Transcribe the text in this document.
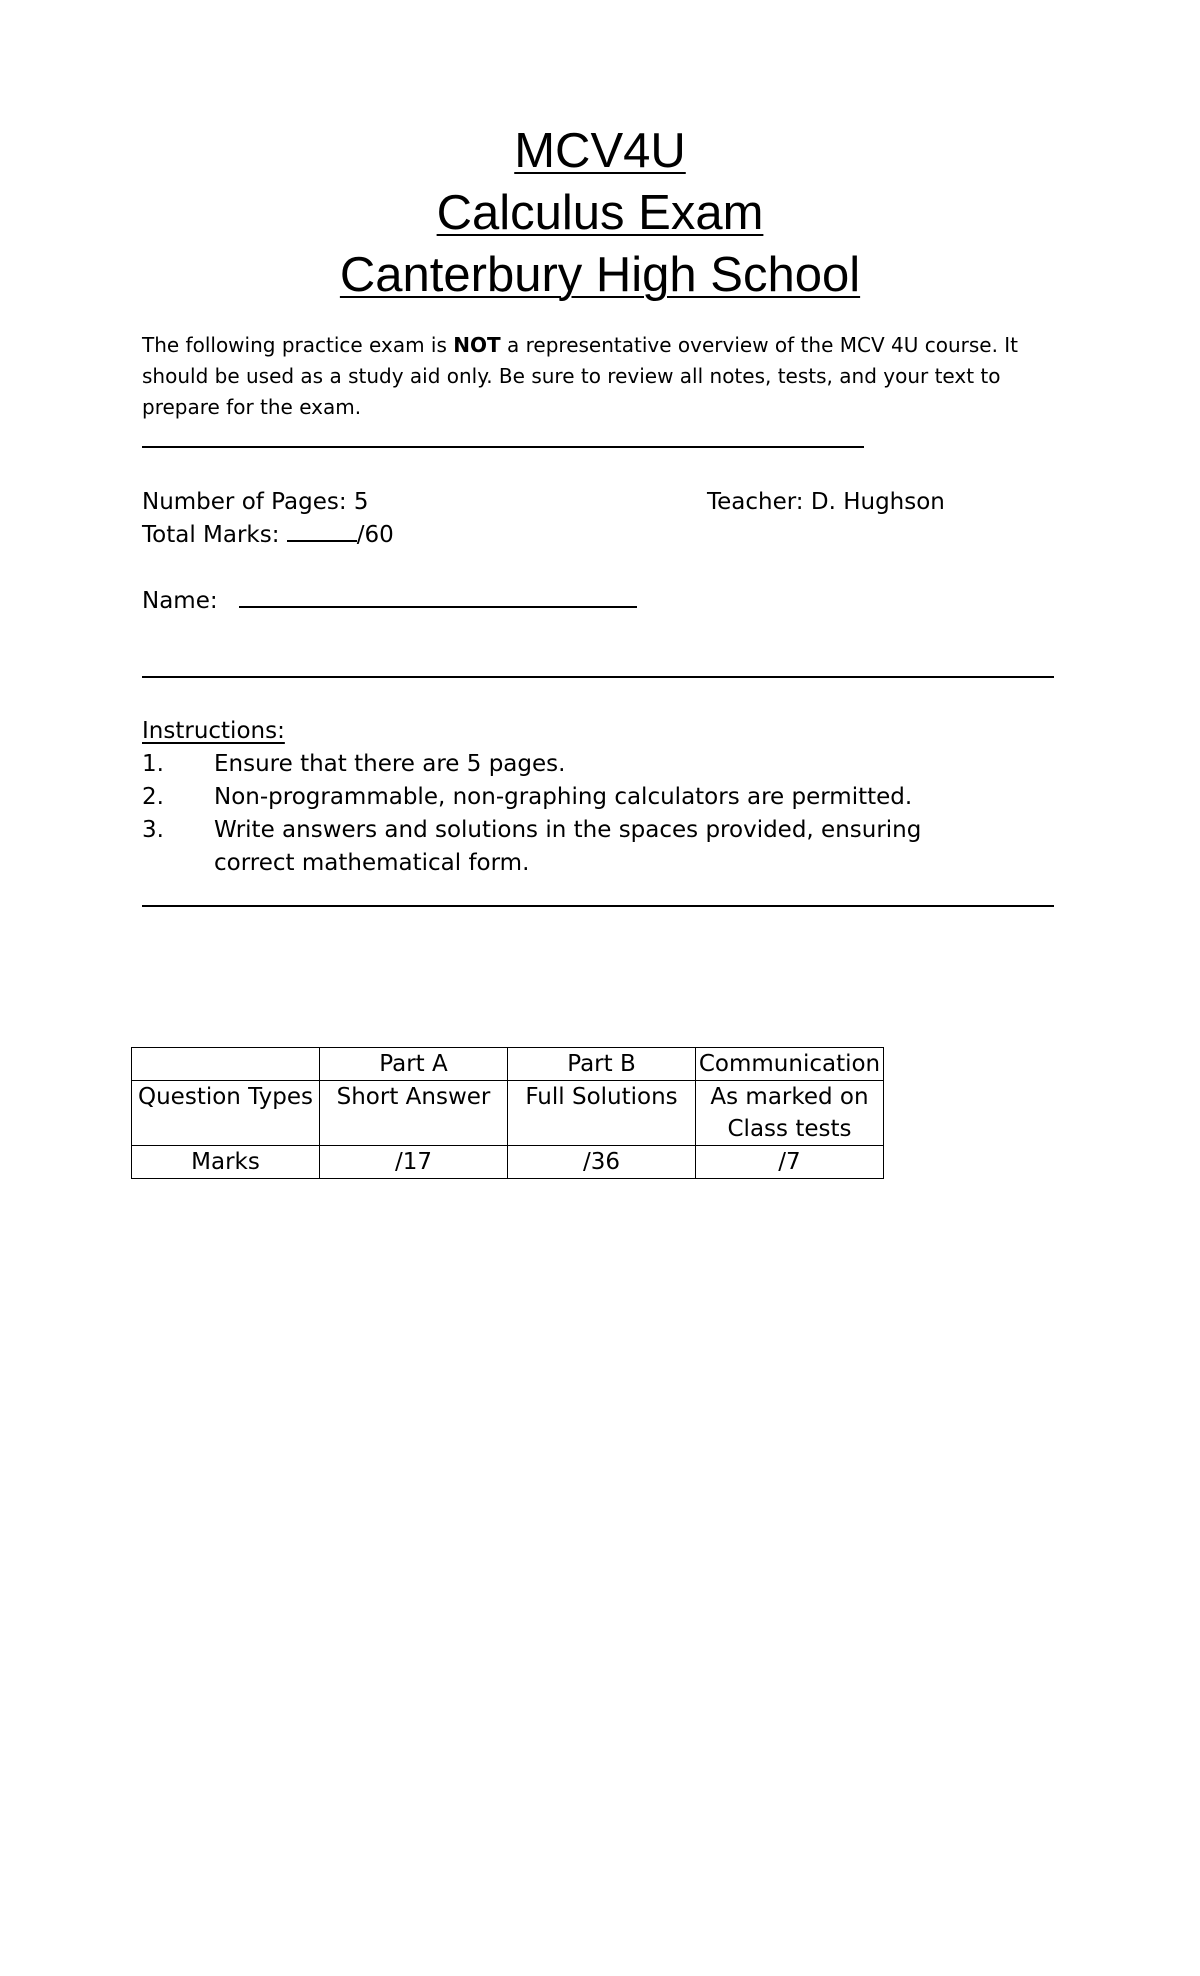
MCV4U
Calculus Exam
Canterbury High School
The following practice exam is NOT a representative overview of the MCV 4U course. It should be used as a study aid only. Be sure to review all notes, tests, and your text to prepare for the exam.
Number of Pages: 5	Teacher: D. Hughson
Total Marks:	/60
Name:
Instructions:
1. Ensure that there are 5 pages.
2. Non-programmable, non-graphing calculators are permitted.
3. Write answers and solutions in the spaces provided, ensuring correct mathematical form.
	Part A	Part B	Communication
Question Types	Short Answer	Full Solutions	As marked on Class tests
Marks	/17	/36	/7
